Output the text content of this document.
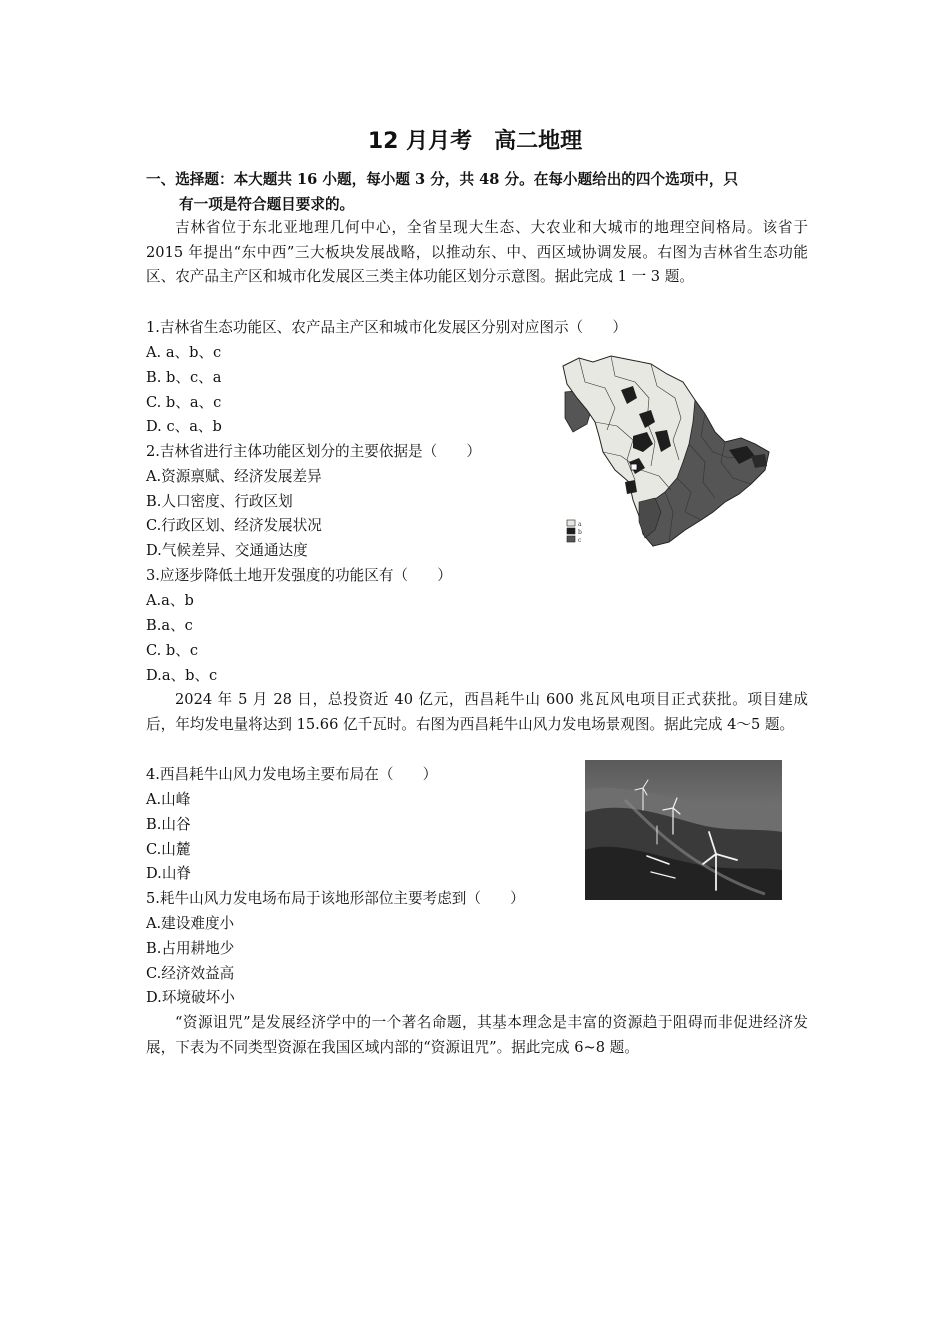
12 月月考　高二地理
一、选择题：本大题共 16 小题，每小题 3 分，共 48 分。在每小题给出的四个选项中，只
有一项是符合题目要求的。
吉林省位于东北亚地理几何中心，全省呈现大生态、大农业和大城市的地理空间格局。该省于 2015 年提出“东中西”三大板块发展战略，以推动东、中、西区域协调发展。右图为吉林省生态功能区、农产品主产区和城市化发展区三类主体功能区划分示意图。据此完成 1 一 3 题。
1.吉林省生态功能区、农产品主产区和城市化发展区分别对应图示（　　）
A. a、b、c
B. b、c、a
C. b、a、c
D. c、a、b
2.吉林省进行主体功能区划分的主要依据是（　　）
A.资源禀赋、经济发展差异
B.人口密度、行政区划
C.行政区划、经济发展状况
D.气候差异、交通通达度
3.应逐步降低土地开发强度的功能区有（　　）
A.a、b
B.a、c
C. b、c
D.a、b、c
2024 年 5 月 28 日，总投资近 40 亿元，西昌耗牛山 600 兆瓦风电项目正式获批。项目建成后，年均发电量将达到 15.66 亿千瓦时。右图为西昌耗牛山风力发电场景观图。据此完成 4～5 题。
4.西昌耗牛山风力发电场主要布局在（　　）
A.山峰
B.山谷
C.山麓
D.山脊
5.耗牛山风力发电场布局于该地形部位主要考虑到（　　）
A.建设难度小
B.占用耕地少
C.经济效益高
D.环境破坏小
“资源诅咒”是发展经济学中的一个著名命题，其基本理念是丰富的资源趋于阻碍而非促进经济发展，下表为不同类型资源在我国区域内部的“资源诅咒”。据此完成 6~8 题。
a
b
c
